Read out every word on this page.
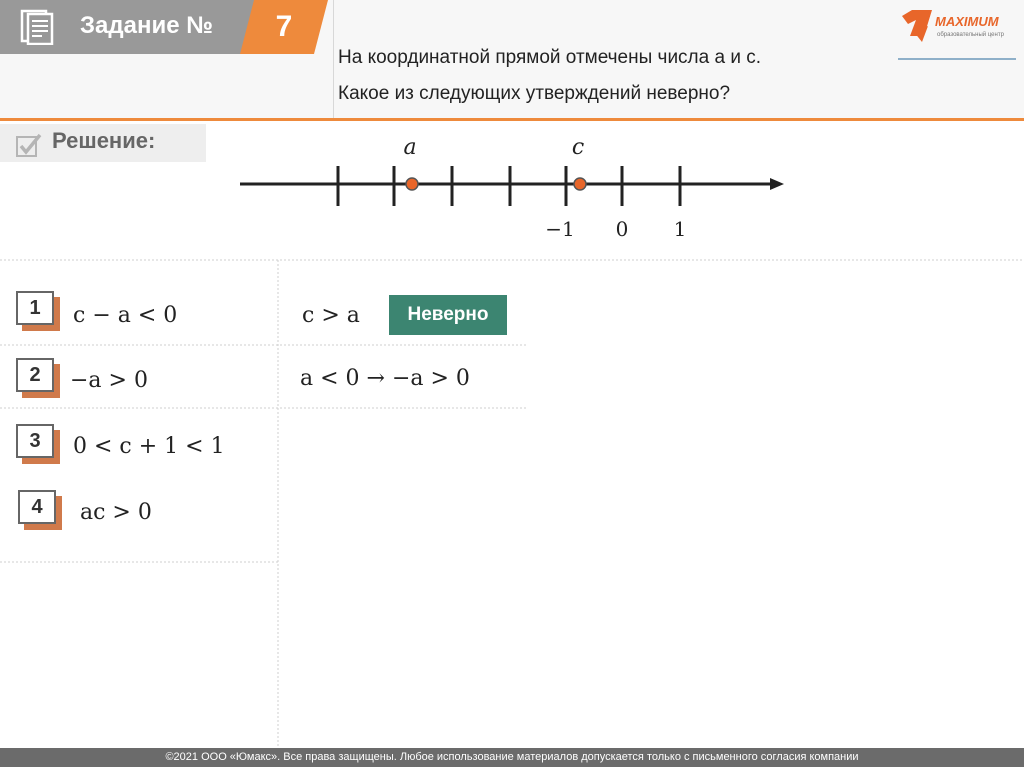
Задание №	7
На координатной прямой отмечены числа а и с.
Какое из следующих утверждений неверно?
MAXIMUM
образовательный центр
Решение:	a	c
−1 0 1
1	c − a < 0
2	−a > 0
3	0 < c + 1 < 1
4	ac > 0
c > a	Неверно
a < 0 → −a > 0
©2021 ООО «Юмакс». Все права защищены. Любое использование материалов допускается только с письменного согласия компании
